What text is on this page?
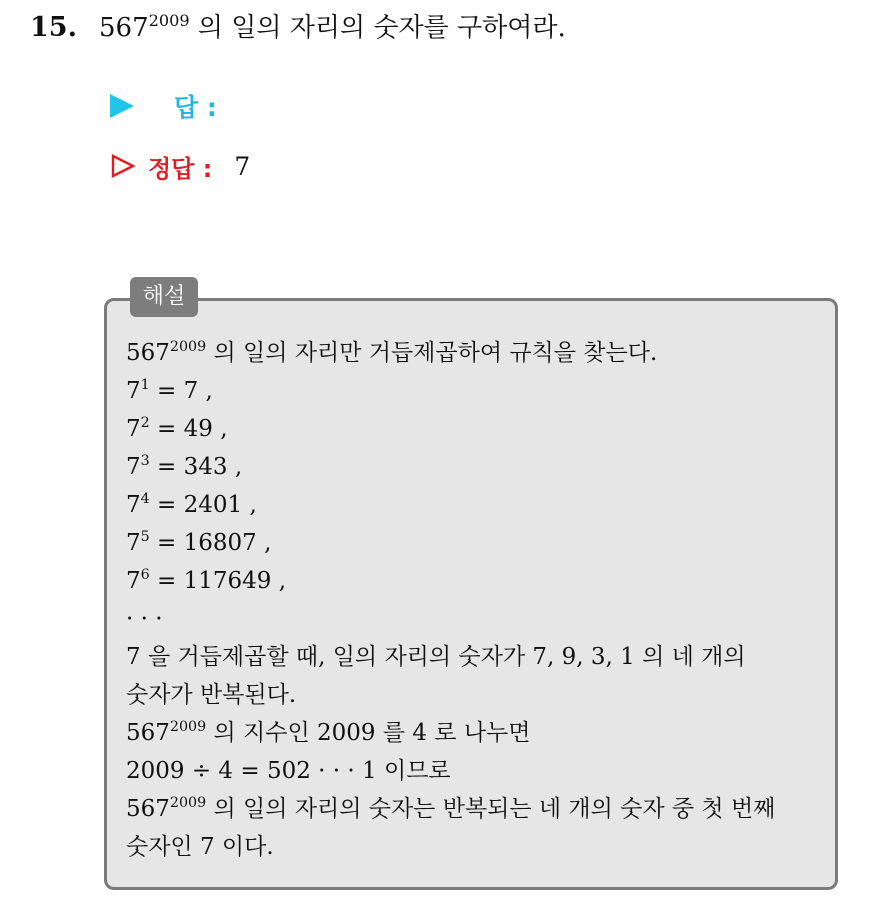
15. $567^{2009}$ 의 일의 자리의 숫자를 구하여라.
답 :
정답 : 7
해설
$567^{2009}$ 의 일의 자리만 거듭제곱하여 규칙을 찾는다.
$7^1 = 7$ ,
$7^2 = 49$ ,
$7^3 = 343$ ,
$7^4 = 2401$ ,
$7^5 = 16807$ ,
$7^6 = 117649$ ,
· · ·
7 을 거듭제곱할 때, 일의 자리의 숫자가 7, 9, 3, 1 의 네 개의
숫자가 반복된다.
$567^{2009}$ 의 지수인 2009 를 4 로 나누면
2009 ÷ 4 = 502 · · · 1 이므로
$567^{2009}$ 의 일의 자리의 숫자는 반복되는 네 개의 숫자 중 첫 번째
숫자인 7 이다.
